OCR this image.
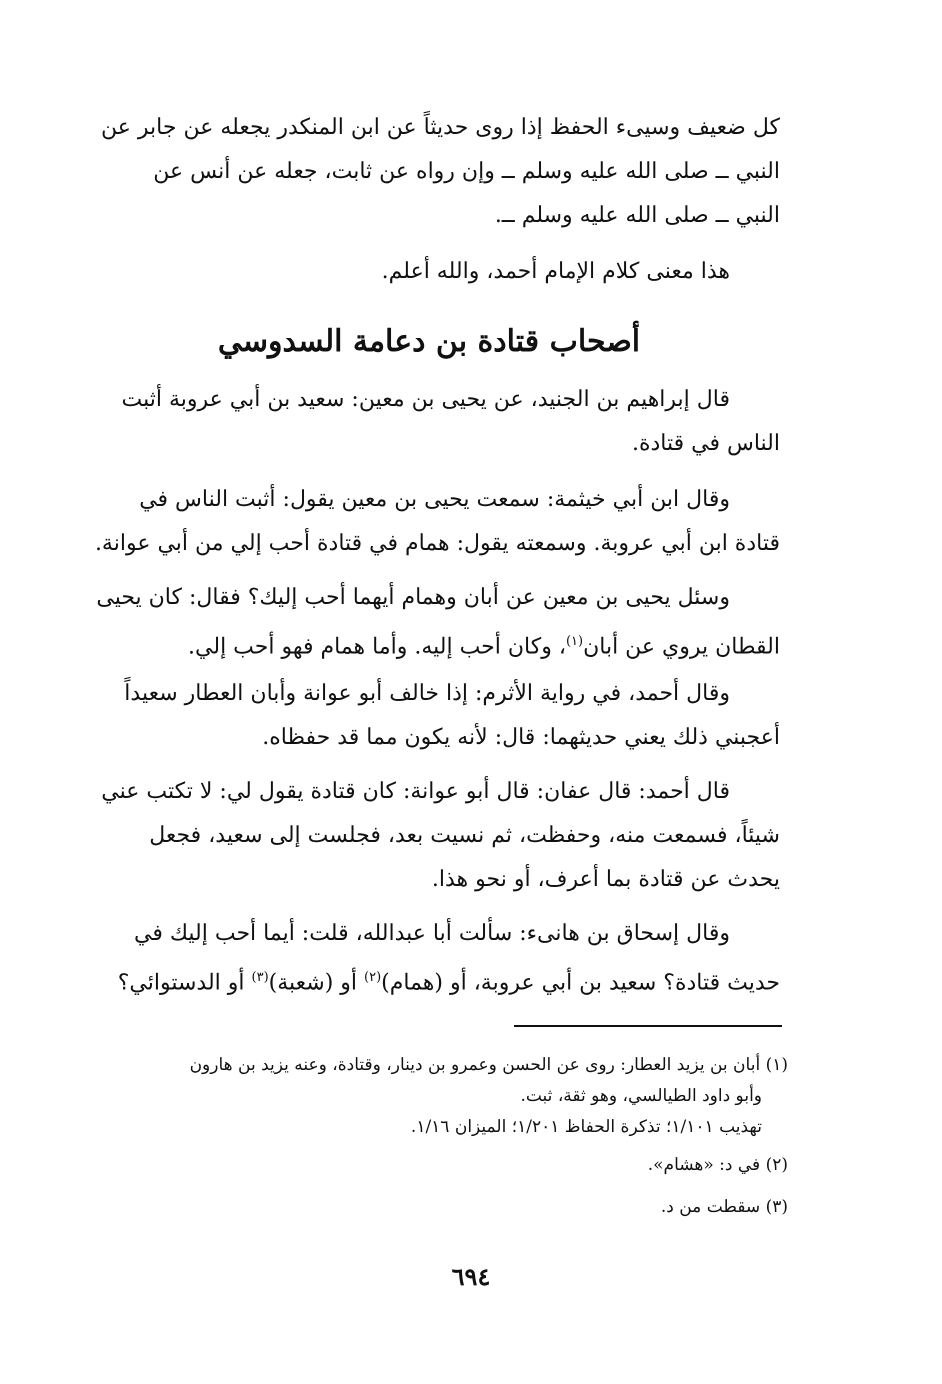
كل ضعيف وسيىء الحفظ إذا روى حديثاً عن ابن المنكدر يجعله عن جابر عن
النبي ــ صلى الله عليه وسلم ــ وإن رواه عن ثابت، جعله عن أنس عن
النبي ــ صلى الله عليه وسلم ــ.
هذا معنى كلام الإمام أحمد، والله أعلم.
أصحاب قتادة بن دعامة السدوسي
قال إبراهيم بن الجنيد، عن يحيى بن معين: سعيد بن أبي عروبة أثبت
الناس في قتادة.
وقال ابن أبي خيثمة: سمعت يحيى بن معين يقول: أثبت الناس في
قتادة ابن أبي عروبة. وسمعته يقول: همام في قتادة أحب إلي من أبي عوانة.
وسئل يحيى بن معين عن أبان وهمام أيهما أحب إليك؟ فقال: كان يحيى
القطان يروي عن أبان$^{(١)}$، وكان أحب إليه. وأما همام فهو أحب إلي.
وقال أحمد، في رواية الأثرم: إذا خالف أبو عوانة وأبان العطار سعيداً
أعجبني ذلك يعني حديثهما: قال: لأنه يكون مما قد حفظاه.
قال أحمد: قال عفان: قال أبو عوانة: كان قتادة يقول لي: لا تكتب عني
شيئاً، فسمعت منه، وحفظت، ثم نسيت بعد، فجلست إلى سعيد، فجعل
يحدث عن قتادة بما أعرف، أو نحو هذا.
وقال إسحاق بن هانىء: سألت أبا عبدالله، قلت: أيما أحب إليك في
حديث قتادة؟ سعيد بن أبي عروبة، أو (همام)$^{(٢)}$ أو (شعبة)$^{(٣)}$ أو الدستوائي؟
(١) أبان بن يزيد العطار: روى عن الحسن وعمرو بن دينار، وقتادة، وعنه يزيد بن هارون
وأبو داود الطيالسي، وهو ثقة، ثبت.
تهذيب ١/١٠١؛ تذكرة الحفاظ ١/٢٠١؛ الميزان ١/١٦.
(٢) في د: «هشام».
(٣) سقطت من د.
٦٩٤
